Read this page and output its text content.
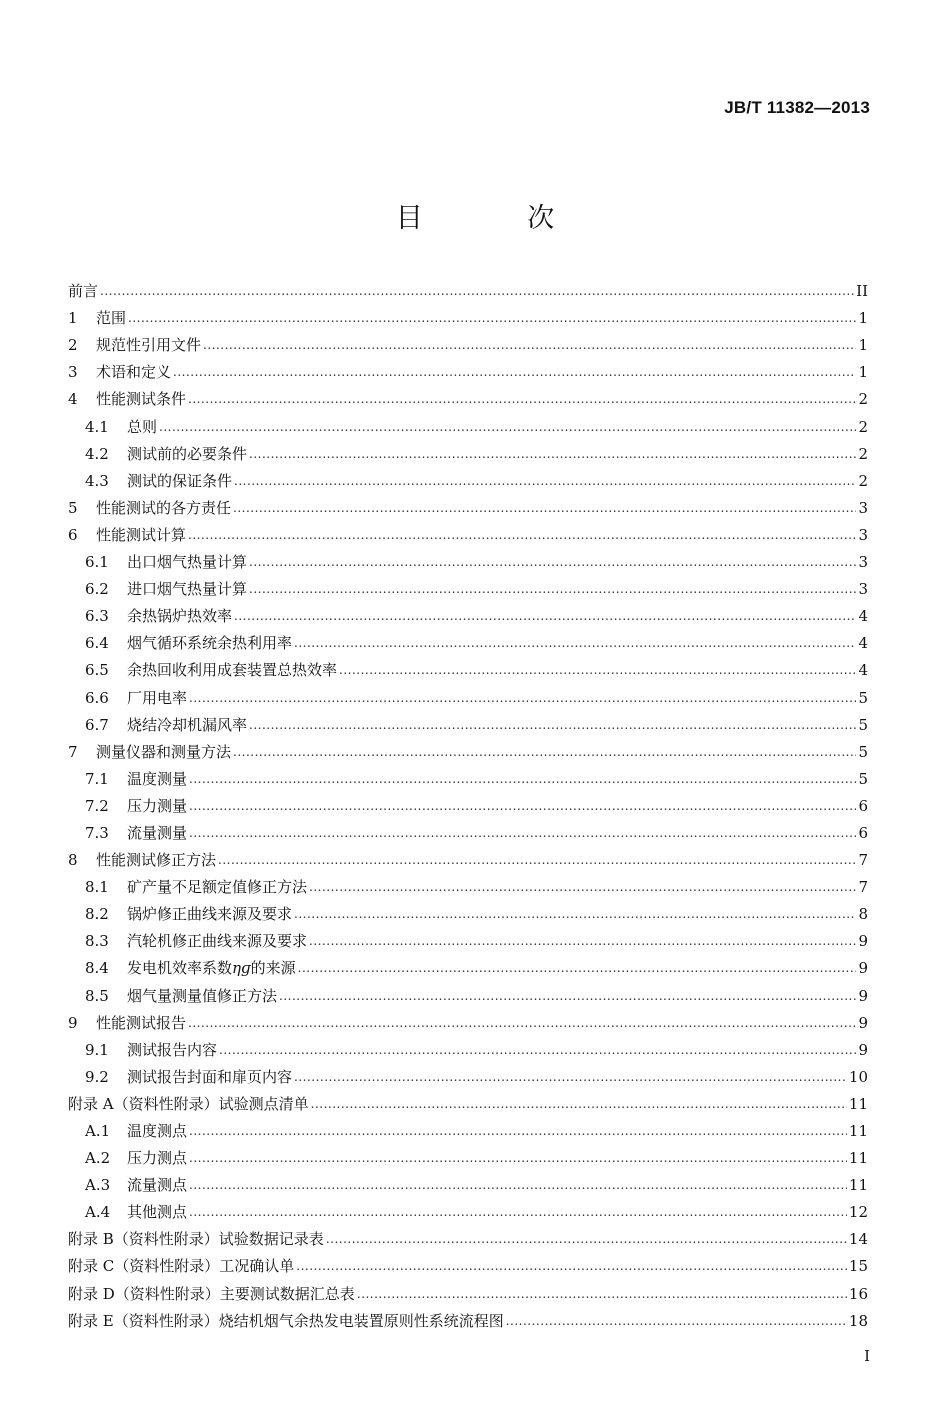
JB/T 11382—2013
目 次
前言 .....	II
1	范围 .....	1
2	规范性引用文件 .....	1
3	术语和定义 .....	1
4	性能测试条件 .....	2
4.1	总则 .....	2
4.2	测试前的必要条件 .....	2
4.3	测试的保证条件 .....	2
5	性能测试的各方责任 .....	3
6	性能测试计算 .....	3
6.1	出口烟气热量计算 .....	3
6.2	进口烟气热量计算 .....	3
6.3	余热锅炉热效率 .....	4
6.4	烟气循环系统余热利用率 .....	4
6.5	余热回收利用成套装置总热效率 .....	4
6.6	厂用电率 .....	5
6.7	烧结冷却机漏风率 .....	5
7	测量仪器和测量方法 .....	5
7.1	温度测量 .....	5
7.2	压力测量 .....	6
7.3	流量测量 .....	6
8	性能测试修正方法 .....	7
8.1	矿产量不足额定值修正方法 .....	7
8.2	锅炉修正曲线来源及要求 .....	8
8.3	汽轮机修正曲线来源及要求 .....	9
8.4	发电机效率系数ηɡ的来源 .....	9
8.5	烟气量测量值修正方法 .....	9
9	性能测试报告 .....	9
9.1	测试报告内容 .....	9
9.2	测试报告封面和扉页内容 .....	10
附录 A （资料性附录）试验测点清单 .....	11
A.1	温度测点 .....	11
A.2	压力测点 .....	11
A.3	流量测点 .....	11
A.4	其他测点 .....	12
附录 B （资料性附录）试验数据记录表 .....	14
附录 C （资料性附录）工况确认单 .....	15
附录 D （资料性附录）主要测试数据汇总表 .....	16
附录 E （资料性附录）烧结机烟气余热发电装置原则性系统流程图 .....	18
I
